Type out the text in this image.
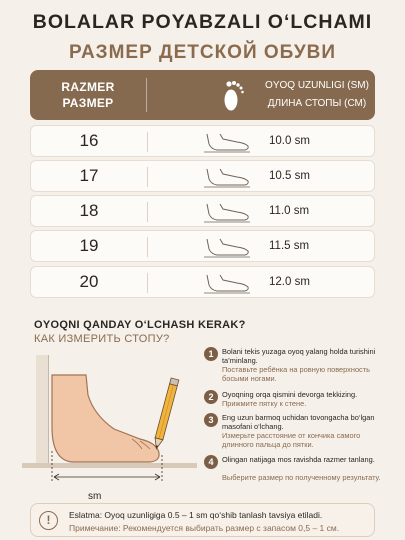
BOLALAR POYABZALI O‘LCHAMI
РАЗМЕР ДЕТСКОЙ ОБУВИ
RAZMER
РАЗМЕР
OYOQ UZUNLIGI (SM)
ДЛИНА СТОПЫ (СМ)
16	10.0 sm
17	10.5 sm
18	11.0 sm
19	11.5 sm
20	12.0 sm
OYOQNI QANDAY O‘LCHASH KERAK?
КАК ИЗМЕРИТЬ СТОПУ?
sm
1	Bolani tekis yuzaga oyoq yalang holda turishini ta’minlang.
Поставьте ребёнка на ровную поверхность босыми ногами.
2	Oyoqning orqa qismini devorga tekkizing.
Прижмите пятку к стене.
3	Eng uzun barmoq uchidan tovongacha bo‘lgan masofani o‘lchang.
Измерьте расстояние от кончика самого длинного пальца до пятки.
4	Olingan natijaga mos ravishda razmer tanlang.
Выберите размер по полученному результату.
!	Eslatma: Oyoq uzunligiga 0.5 – 1 sm qo‘shib tanlash tavsiya etiladi.
Примечание: Рекомендуется выбирать размер с запасом 0,5 – 1 см.
